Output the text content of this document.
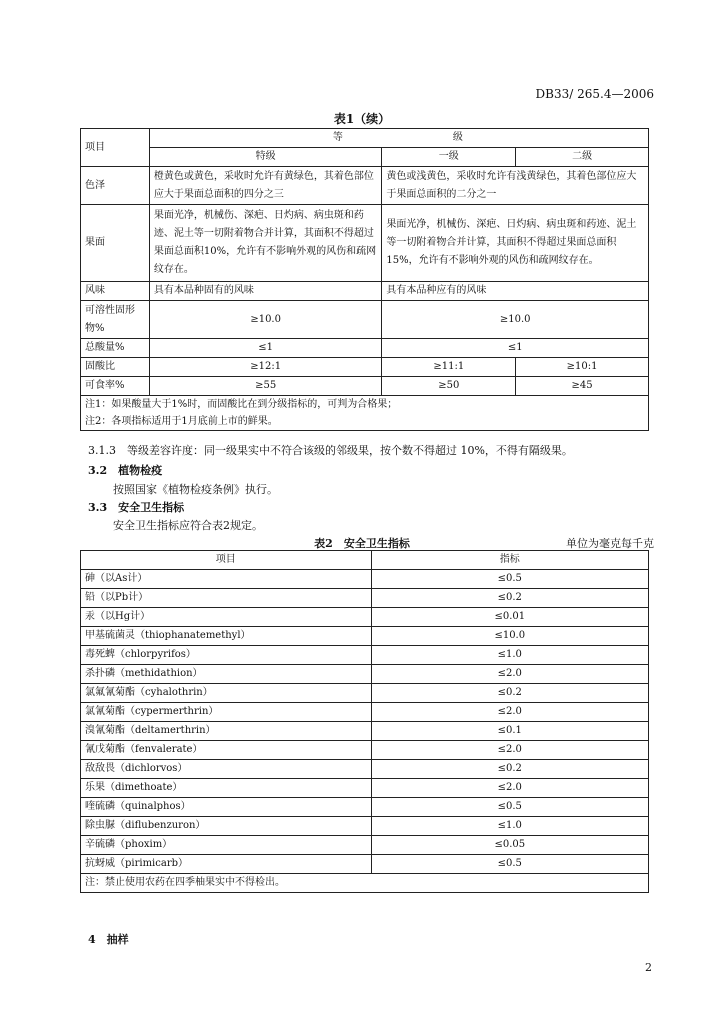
DB33/ 265.4—2006
表1（续）
项目	等 级		

	特级	一级	二级
色泽	橙黄色或黄色，采收时允许有黄绿色，其着色部位应大于果面总面积的四分之三	黄色或浅黄色，采收时允许有浅黄绿色，其着色部位应大于果面总面积的二分之一	
果面	果面光净，机械伤、深疤、日灼病、病虫斑和药迹、泥土等一切附着物合并计算，其面积不得超过果面总面积10%，允许有不影响外观的风伤和疏网纹存在。	果面光净，机械伤、深疤、日灼病、病虫斑和药迹、泥土等一切附着物合并计算，其面积不得超过果面总面积15%，允许有不影响外观的风伤和疏网纹存在。	
风味	具有本品种固有的风味	具有本品种应有的风味	
可溶性固形物%	≥10.0	≥10.0	
总酸量%	≤1	≤1	
固酸比	≥12:1	≥11:1	≥10:1
可食率%	≥55	≥50	≥45

注1：如果酸量大于1%时，而固酸比在到分级指标的，可判为合格果；
注2：各项指标适用于1月底前上市的鲜果。			
3.1.3　等级差容许度：同一级果实中不符合该级的邻级果，按个数不得超过 10%，不得有隔级果。
3.2　植物检疫
按照国家《植物检疫条例》执行。
3.3　安全卫生指标
安全卫生指标应符合表2规定。
表2　安全卫生指标	单位为毫克每千克
项目	指标
砷（以As计）	≤0.5
铅（以Pb计）	≤0.2
汞（以Hg计）	≤0.01
甲基硫菌灵（thiophanatemethyl）	≤10.0
毒死蜱（chlorpyrifos）	≤1.0
杀扑磷（methidathion）	≤2.0
氯氟氰菊酯（cyhalothrin）	≤0.2
氯氰菊酯（cypermerthrin）	≤2.0
溴氰菊酯（deltamerthrin）	≤0.1
氰戊菊酯（fenvalerate）	≤2.0
敌敌畏（dichlorvos）	≤0.2
乐果（dimethoate）	≤2.0
喹硫磷（quinalphos）	≤0.5
除虫脲（diflubenzuron）	≤1.0
辛硫磷（phoxim）	≤0.05
抗蚜威（pirimicarb）	≤0.5
注：禁止使用农药在四季柚果实中不得检出。	
4　抽样
2
